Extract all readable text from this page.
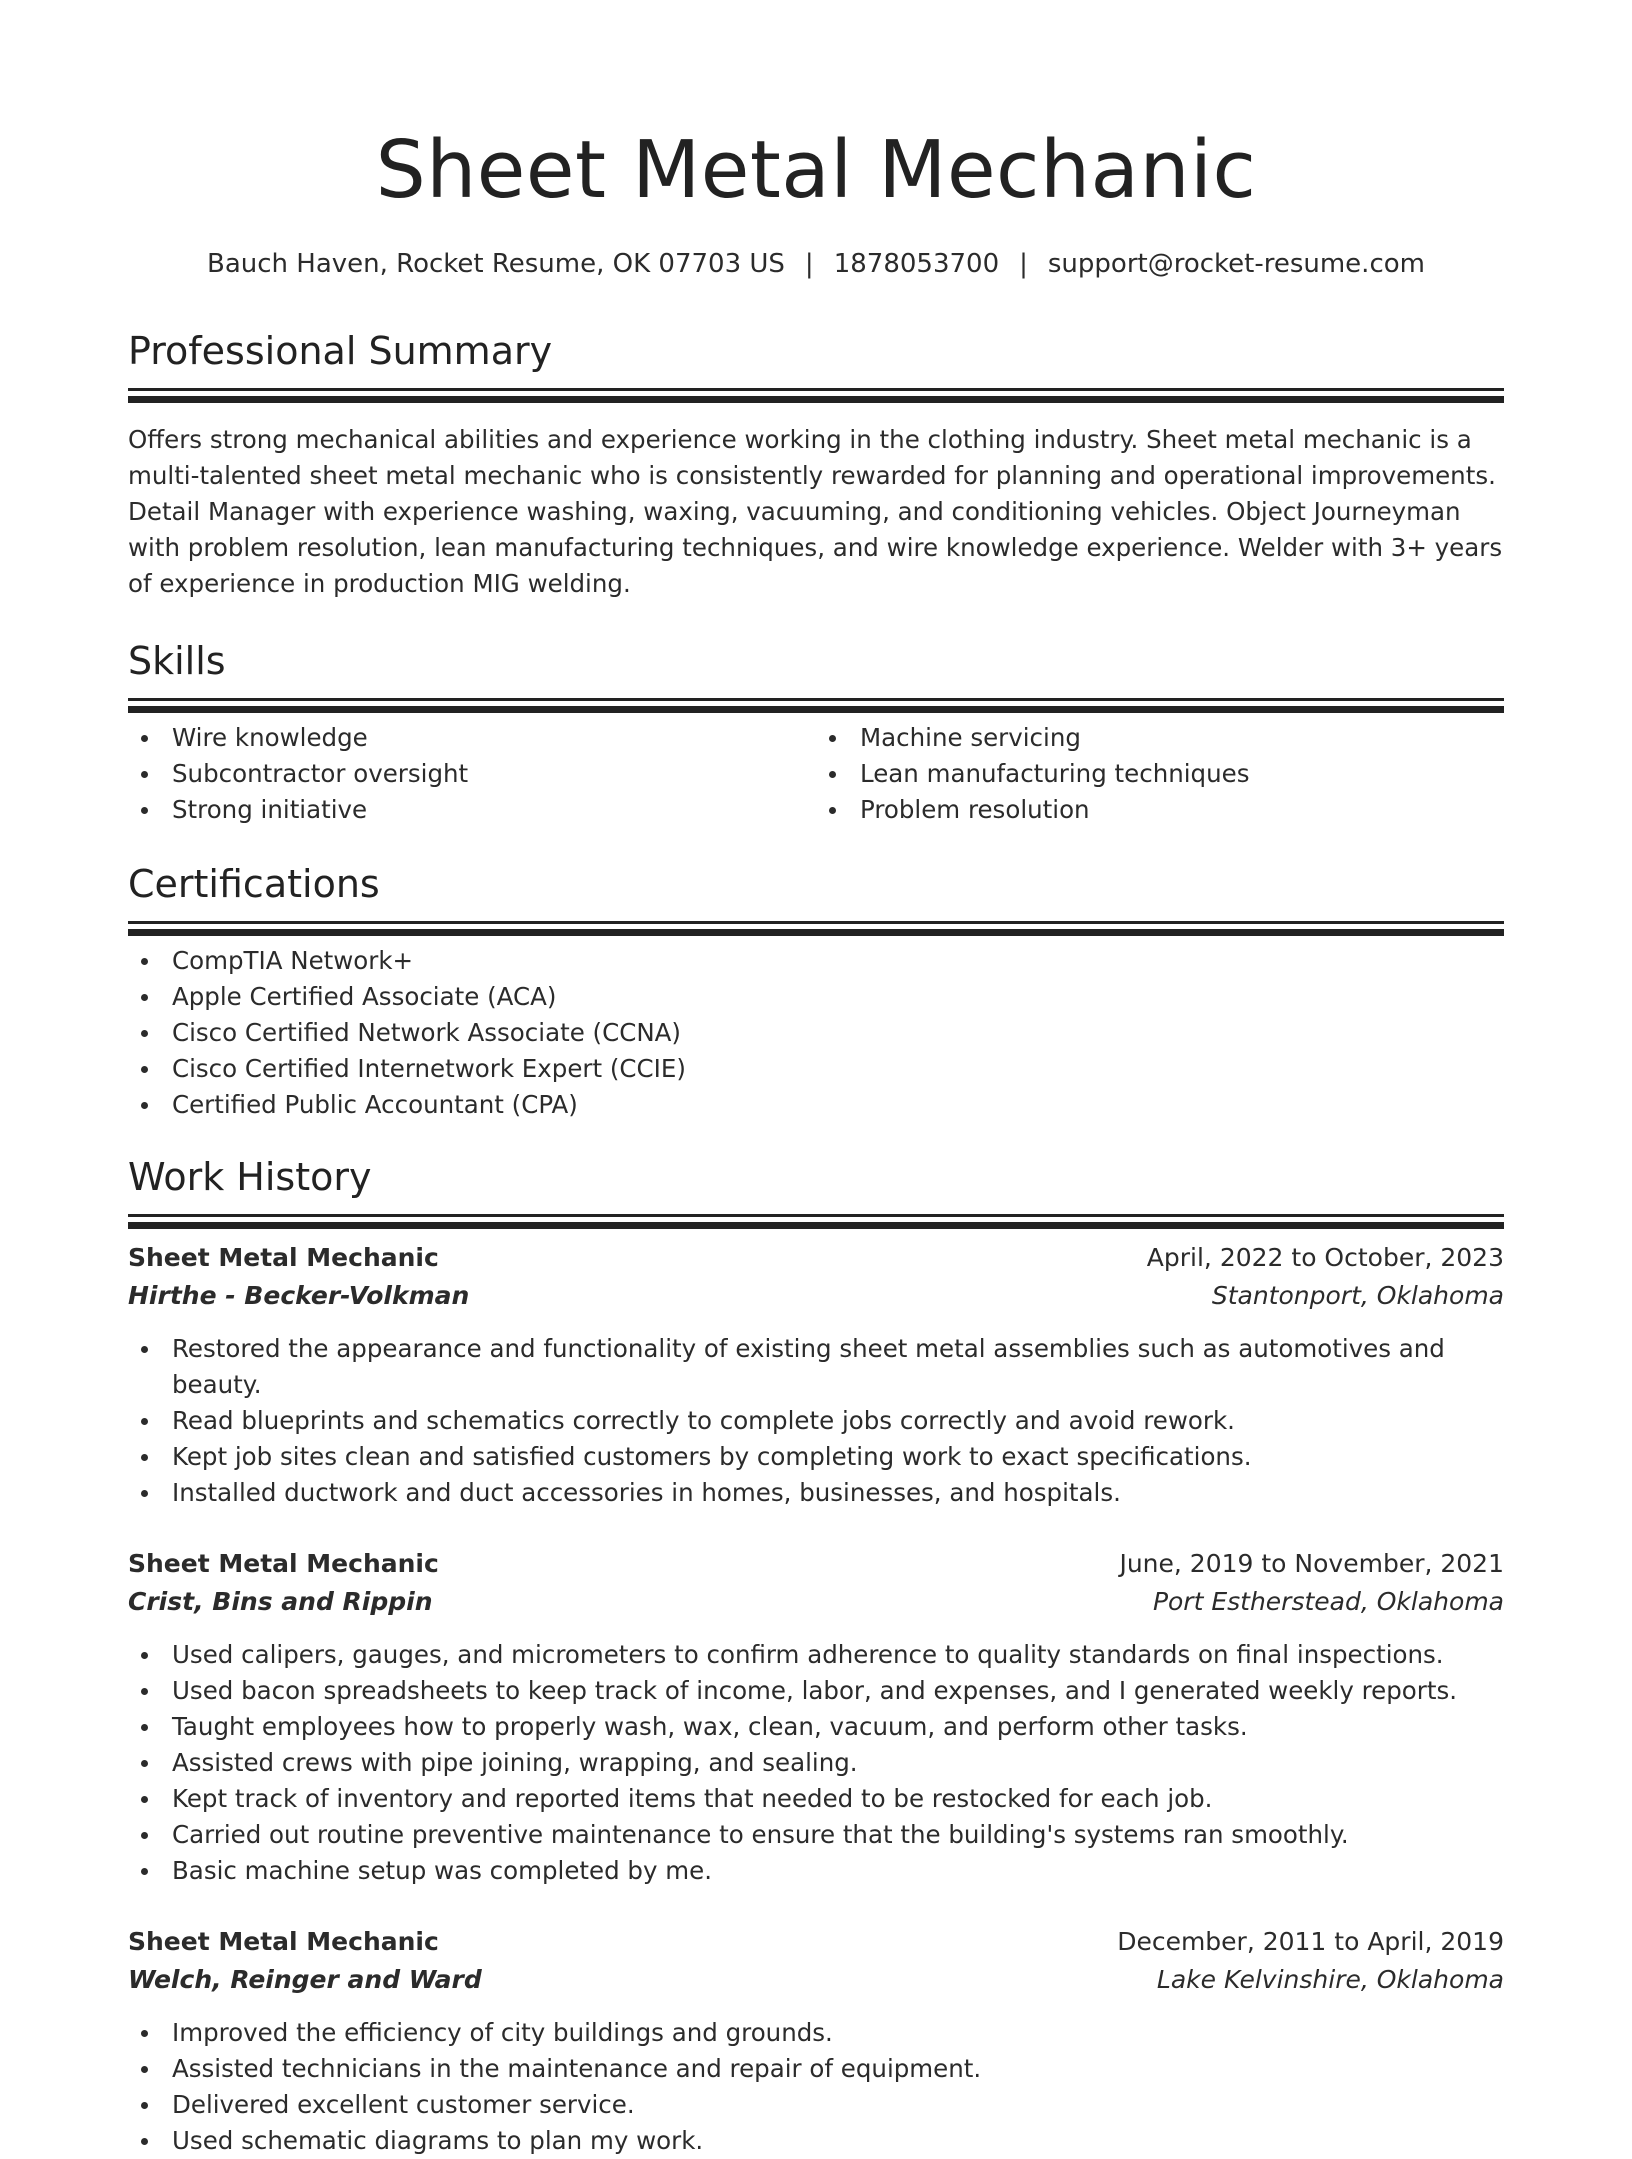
Sheet Metal Mechanic
Bauch Haven, Rocket Resume, OK 07703 US | 1878053700 | support@rocket-resume.com
Professional Summary

Offers strong mechanical abilities and experience working in the clothing industry. Sheet metal mechanic is a multi-talented sheet metal mechanic who is consistently rewarded for planning and operational improvements. Detail Manager with experience washing, waxing, vacuuming, and conditioning vehicles. Object Journeyman with problem resolution, lean manufacturing techniques, and wire knowledge experience. Welder with 3+ years of experience in production MIG welding.

Skills
Wire knowledge
Subcontractor oversight
Strong initiative
Machine servicing
Lean manufacturing techniques
Problem resolution
Certifications
CompTIA Network+
Apple Certified Associate (ACA)
Cisco Certified Network Associate (CCNA)
Cisco Certified Internetwork Expert (CCIE)
Certified Public Accountant (CPA)
Work History
Sheet Metal Mechanic	April, 2022 to October, 2023
Hirthe - Becker-Volkman	Stantonport, Oklahoma
Restored the appearance and functionality of existing sheet metal assemblies such as automotives and beauty.
Read blueprints and schematics correctly to complete jobs correctly and avoid rework.
Kept job sites clean and satisfied customers by completing work to exact specifications.
Installed ductwork and duct accessories in homes, businesses, and hospitals.
Sheet Metal Mechanic	June, 2019 to November, 2021
Crist, Bins and Rippin	Port Estherstead, Oklahoma
Used calipers, gauges, and micrometers to confirm adherence to quality standards on final inspections.
Used bacon spreadsheets to keep track of income, labor, and expenses, and I generated weekly reports.
Taught employees how to properly wash, wax, clean, vacuum, and perform other tasks.
Assisted crews with pipe joining, wrapping, and sealing.
Kept track of inventory and reported items that needed to be restocked for each job.
Carried out routine preventive maintenance to ensure that the building's systems ran smoothly.
Basic machine setup was completed by me.
Sheet Metal Mechanic	December, 2011 to April, 2019
Welch, Reinger and Ward	Lake Kelvinshire, Oklahoma
Improved the efficiency of city buildings and grounds.
Assisted technicians in the maintenance and repair of equipment.
Delivered excellent customer service.
Used schematic diagrams to plan my work.
